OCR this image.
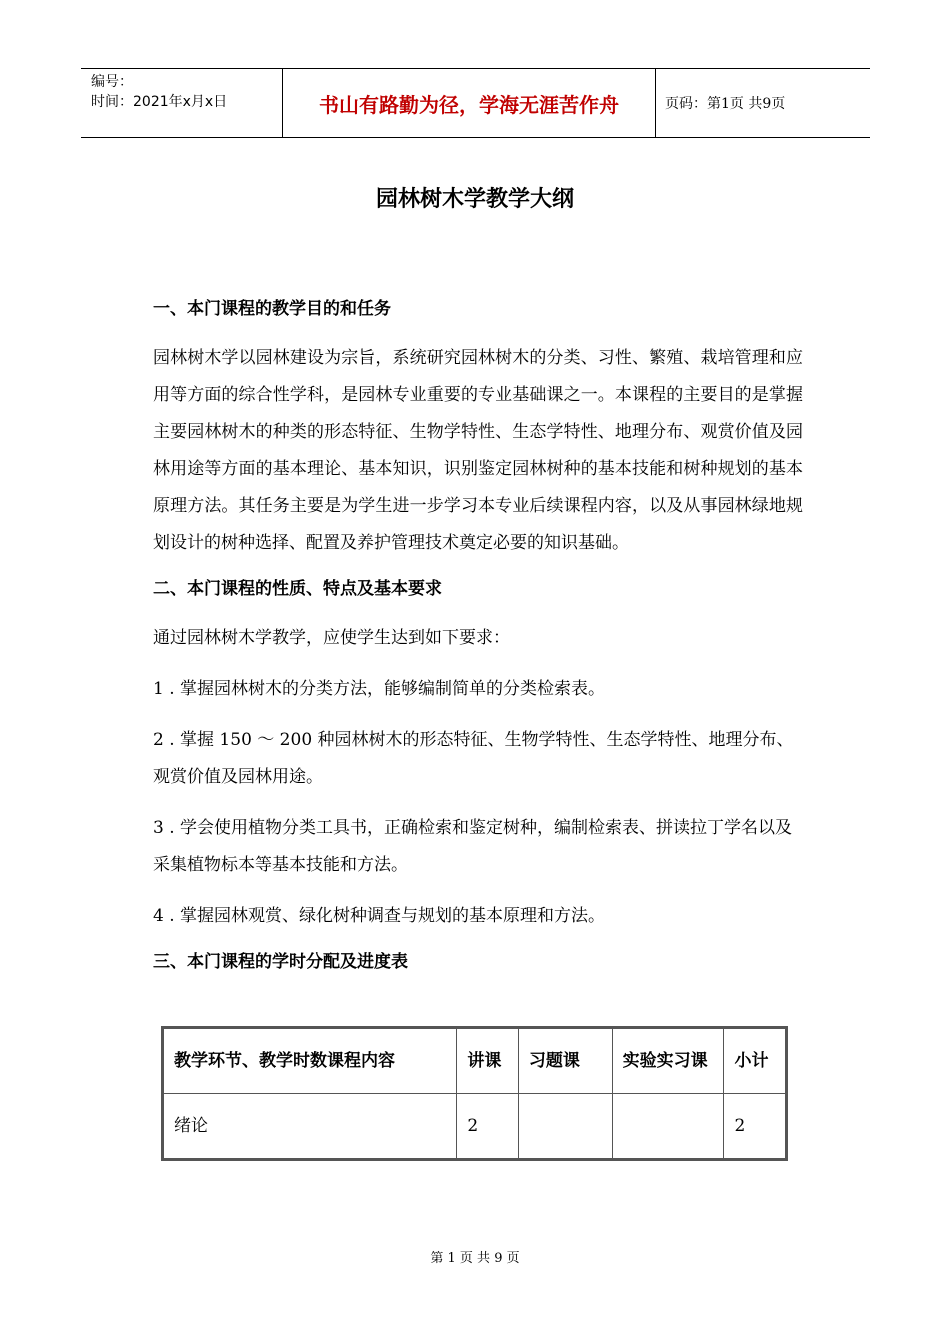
编号：
时间：2021年x月x日	书山有路勤为径，学海无涯苦作舟	页码：第1页 共9页
园林树木学教学大纲

一、本门课程的教学目的和任务

园林树木学以园林建设为宗旨，系统研究园林树木的分类、习性、繁殖、栽培管理和应用等方面的综合性学科，是园林专业重要的专业基础课之一。本课程的主要目的是掌握主要园林树木的种类的形态特征、生物学特性、生态学特性、地理分布、观赏价值及园林用途等方面的基本理论、基本知识，识别鉴定园林树种的基本技能和树种规划的基本原理方法。其任务主要是为学生进一步学习本专业后续课程内容，以及从事园林绿地规划设计的树种选择、配置及养护管理技术奠定必要的知识基础。

二、本门课程的性质、特点及基本要求

通过园林树木学教学，应使学生达到如下要求：

1 . 掌握园林树木的分类方法，能够编制简单的分类检索表。

2 . 掌握 150 ～ 200 种园林树木的形态特征、生物学特性、生态学特性、地理分布、观赏价值及园林用途。

3 . 学会使用植物分类工具书，正确检索和鉴定树种，编制检索表、拼读拉丁学名以及采集植物标本等基本技能和方法。

4 . 掌握园林观赏、绿化树种调查与规划的基本原理和方法。

三、本门课程的学时分配及进度表

教学环节、教学时数课程内容	讲课	习题课	实验实习课	小计
绪论	2			2
第 1 页 共 9 页
